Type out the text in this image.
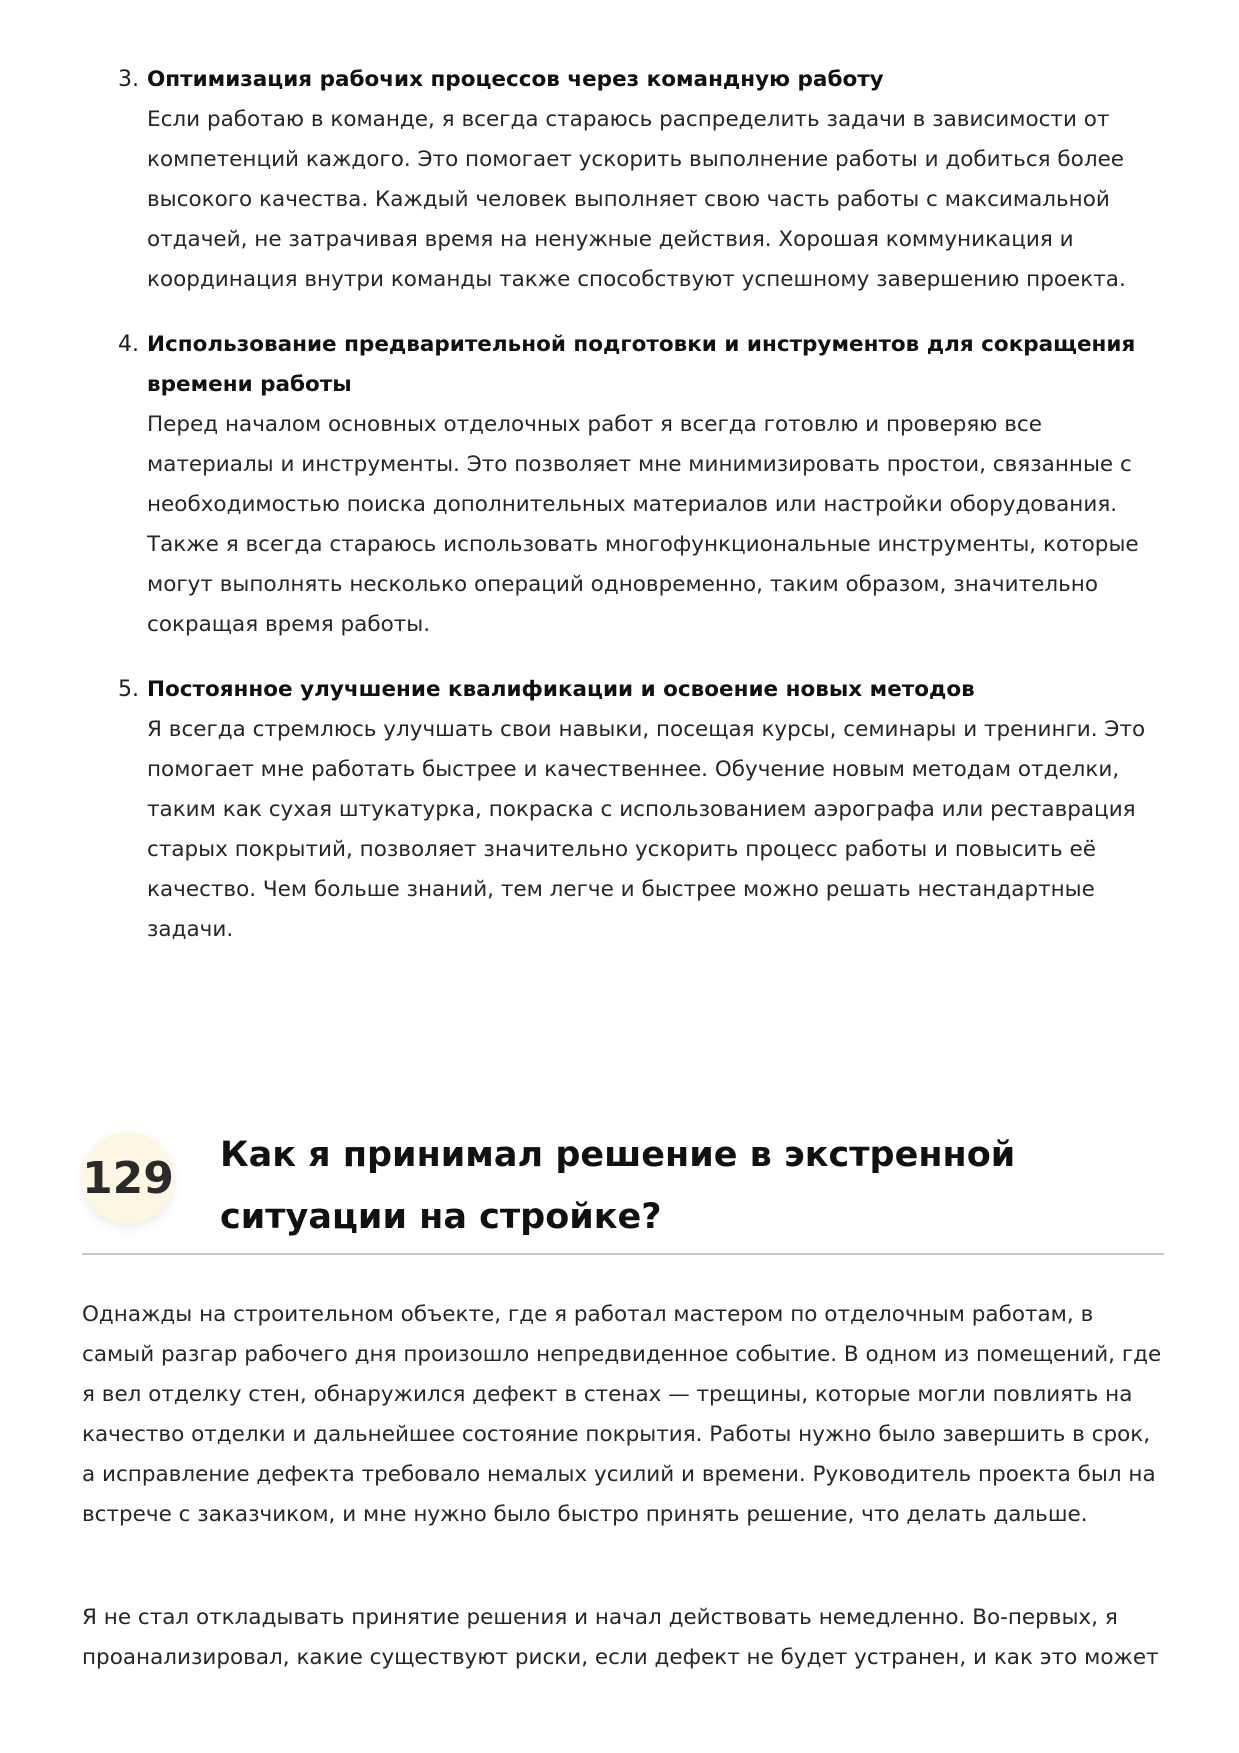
3. Оптимизация рабочих процессов через командную работу
Если работаю в команде, я всегда стараюсь распределить задачи в зависимости от компетенций каждого. Это помогает ускорить выполнение работы и добиться более высокого качества. Каждый человек выполняет свою часть работы с максимальной отдачей, не затрачивая время на ненужные действия. Хорошая коммуникация и координация внутри команды также способствуют успешному завершению проекта.
4. Использование предварительной подготовки и инструментов для сокращения времени работы
Перед началом основных отделочных работ я всегда готовлю и проверяю все материалы и инструменты. Это позволяет мне минимизировать простои, связанные с необходимостью поиска дополнительных материалов или настройки оборудования. Также я всегда стараюсь использовать многофункциональные инструменты, которые могут выполнять несколько операций одновременно, таким образом, значительно сокращая время работы.
5. Постоянное улучшение квалификации и освоение новых методов
Я всегда стремлюсь улучшать свои навыки, посещая курсы, семинары и тренинги. Это помогает мне работать быстрее и качественнее. Обучение новым методам отделки, таким как сухая штукатурка, покраска с использованием аэрографа или реставрация старых покрытий, позволяет значительно ускорить процесс работы и повысить её качество. Чем больше знаний, тем легче и быстрее можно решать нестандартные задачи.
129 Как я принимал решение в экстренной ситуации на стройке?

Однажды на строительном объекте, где я работал мастером по отделочным работам, в самый разгар рабочего дня произошло непредвиденное событие. В одном из помещений, где я вел отделку стен, обнаружился дефект в стенах — трещины, которые могли повлиять на качество отделки и дальнейшее состояние покрытия. Работы нужно было завершить в срок, а исправление дефекта требовало немалых усилий и времени. Руководитель проекта был на встрече с заказчиком, и мне нужно было быстро принять решение, что делать дальше.

Я не стал откладывать принятие решения и начал действовать немедленно. Во-первых, я проанализировал, какие существуют риски, если дефект не будет устранен, и как это может
